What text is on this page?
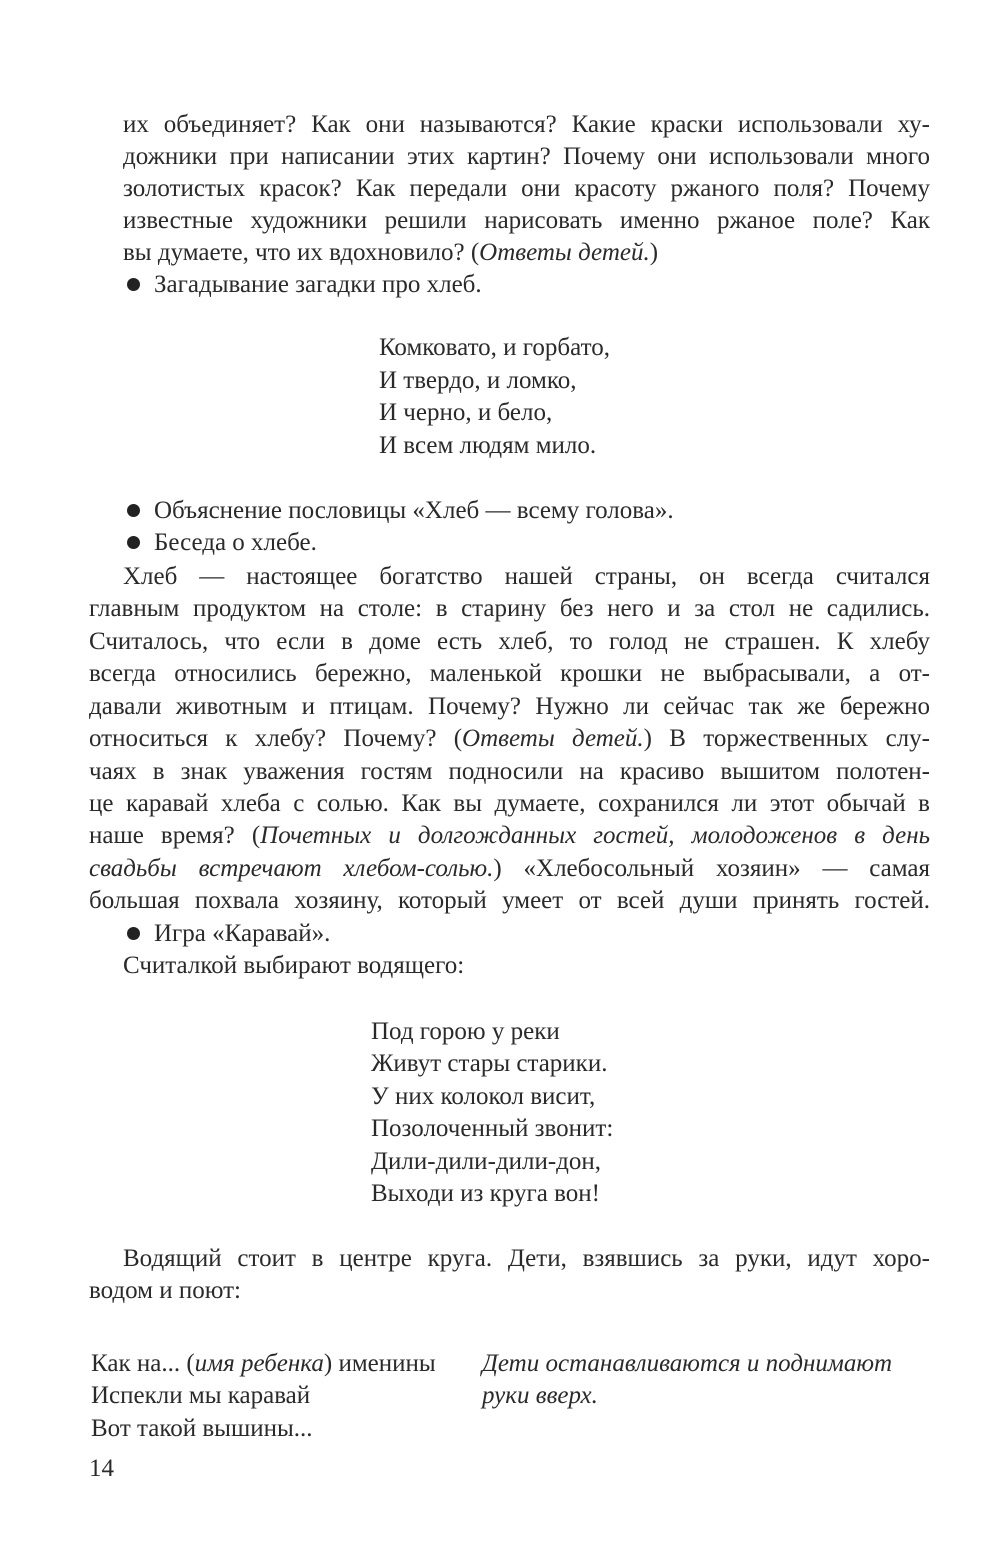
их объединяет? Как они называются? Какие краски использовали ху-
дожники при написании этих картин? Почему они использовали много
золотистых красок? Как передали они красоту ржаного поля? Почему
известные художники решили нарисовать именно ржаное поле? Как
вы думаете, что их вдохновило? (Ответы детей.)
Загадывание загадки про хлеб.
Комковато, и горбато,
И твердо, и ломко,
И черно, и бело,
И всем людям мило.
Объяснение пословицы «Хлеб — всему голова».
Беседа о хлебе.
Хлеб — настоящее богатство нашей страны, он всегда считался
главным продуктом на столе: в старину без него и за стол не садились.
Считалось, что если в доме есть хлеб, то голод не страшен. К хлебу
всегда относились бережно, маленькой крошки не выбрасывали, а от-
давали животным и птицам. Почему? Нужно ли сейчас так же бережно
относиться к хлебу? Почему? (Ответы детей.) В торжественных слу-
чаях в знак уважения гостям подносили на красиво вышитом полотен-
це каравай хлеба с солью. Как вы думаете, сохранился ли этот обычай в
наше время? (Почетных и долгожданных гостей, молодоженов в день
свадьбы встречают хлебом-солью.) «Хлебосольный хозяин» — самая
большая похвала хозяину, который умеет от всей души принять гостей.
Игра «Каравай».
Считалкой выбирают водящего:
Под горою у реки
Живут стары старики.
У них колокол висит,
Позолоченный звонит:
Дили-дили-дили-дон,
Выходи из круга вон!
Водящий стоит в центре круга. Дети, взявшись за руки, идут хоро-
водом и поют:
Как на... (имя ребенка) именины
Испекли мы каравай
Вот такой вышины...
Дети останавливаются и поднимают
руки вверх.
14
